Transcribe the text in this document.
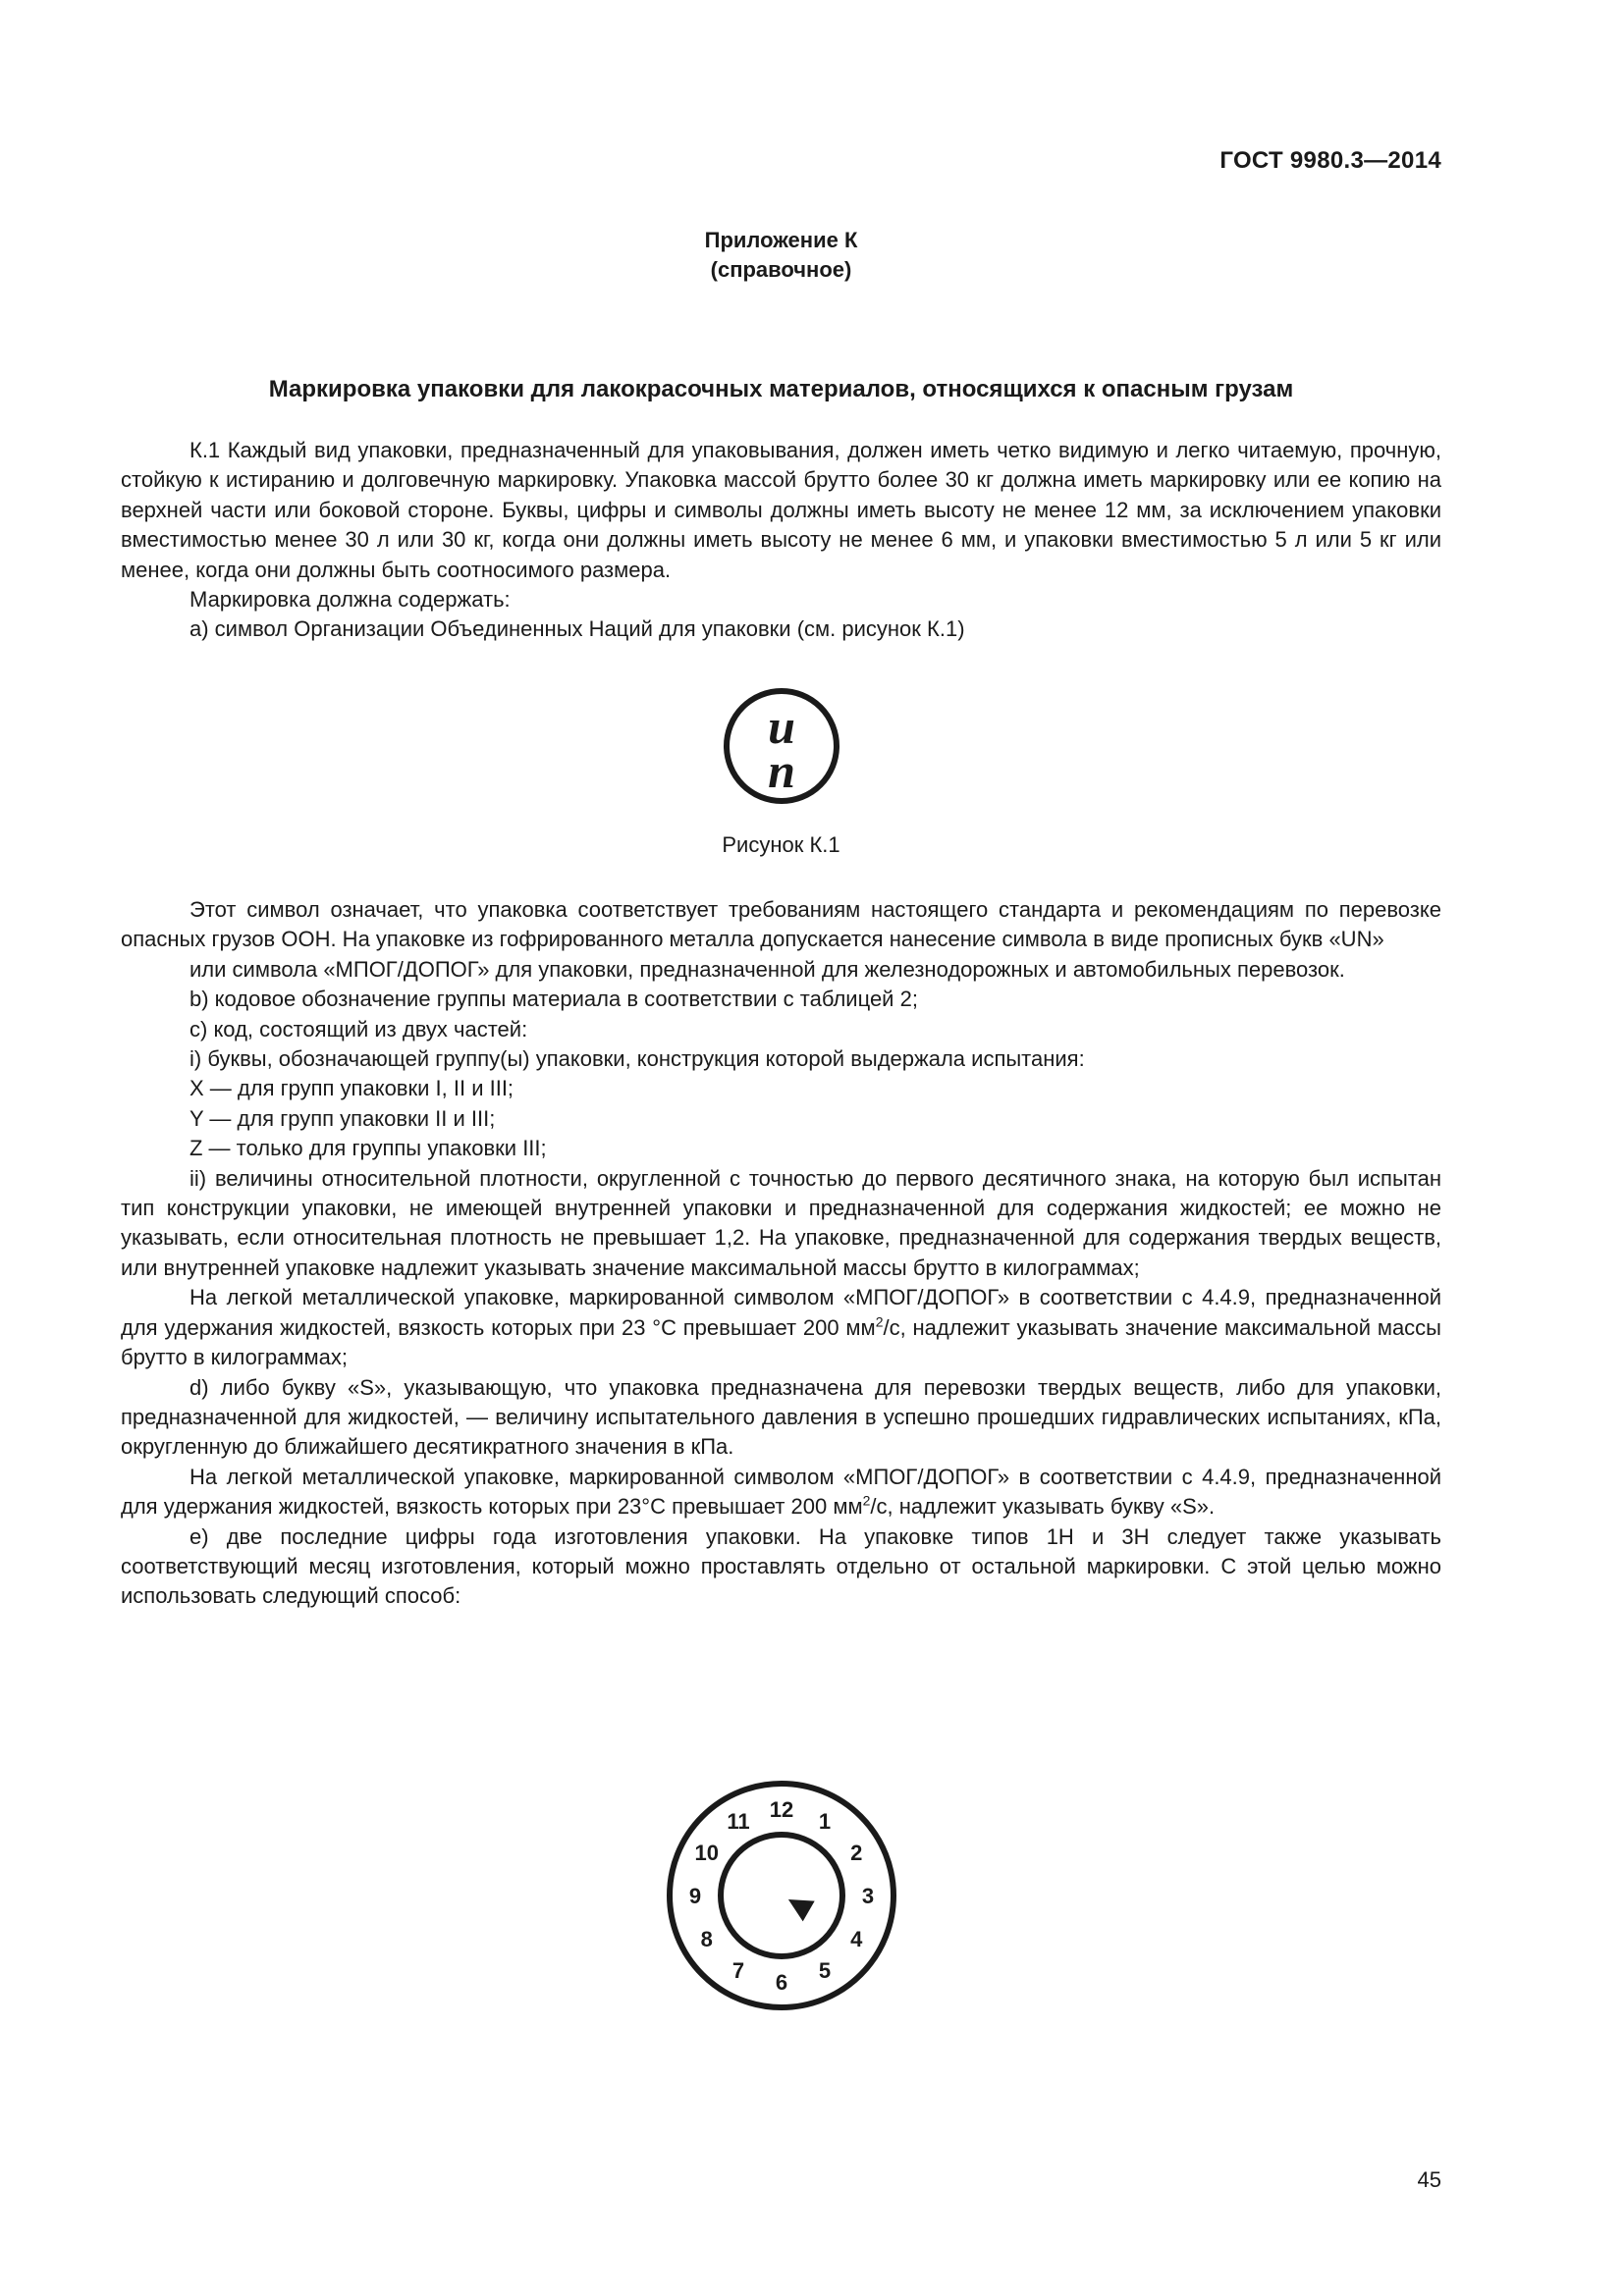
ГОСТ 9980.3—2014
Приложение К
(справочное)
Маркировка упаковки для лакокрасочных материалов, относящихся к опасным грузам

К.1 Каждый вид упаковки, предназначенный для упаковывания, должен иметь четко видимую и легко читаемую, прочную, стойкую к истиранию и долговечную маркировку. Упаковка массой брутто более 30 кг должна иметь маркировку или ее копию на верхней части или боковой стороне. Буквы, цифры и символы должны иметь высоту не менее 12 мм, за исключением упаковки вместимостью менее 30 л или 30 кг, когда они должны иметь высоту не менее 6 мм, и упаковки вместимостью 5 л или 5 кг или менее, когда они должны быть соотносимого размера.

Маркировка должна содержать:

a) символ Организации Объединенных Наций для упаковки (см. рисунок К.1)

u
n
Рисунок К.1

Этот символ означает, что упаковка соответствует требованиям настоящего стандарта и рекомендациям по перевозке опасных грузов ООН. На упаковке из гофрированного металла допускается нанесение символа в виде прописных букв «UN»

или символа «МПОГ/ДОПОГ» для упаковки, предназначенной для железнодорожных и автомобильных перевозок.

b) кодовое обозначение группы материала в соответствии с таблицей 2;

c) код, состоящий из двух частей:

i) буквы, обозначающей группу(ы) упаковки, конструкция которой выдержала испытания:

X — для групп упаковки I, II и III;

Y — для групп упаковки II и III;

Z — только для группы упаковки III;

ii) величины относительной плотности, округленной с точностью до первого десятичного знака, на которую был испытан тип конструкции упаковки, не имеющей внутренней упаковки и предназначенной для содержания жидкостей; ее можно не указывать, если относительная плотность не превышает 1,2. На упаковке, предназначенной для содержания твердых веществ, или внутренней упаковке надлежит указывать значение максимальной массы брутто в килограммах;

На легкой металлической упаковке, маркированной символом «МПОГ/ДОПОГ» в соответствии с 4.4.9, предназначенной для удержания жидкостей, вязкость которых при 23 °C превышает 200 $мм^2/с$, надлежит указывать значение максимальной массы брутто в килограммах;

d) либо букву «S», указывающую, что упаковка предназначена для перевозки твердых веществ, либо для упаковки, предназначенной для жидкостей, — величину испытательного давления в успешно прошедших гидравлических испытаниях, кПа, округленную до ближайшего десятикратного значения в кПа.

На легкой металлической упаковке, маркированной символом «МПОГ/ДОПОГ» в соответствии с 4.4.9, предназначенной для удержания жидкостей, вязкость которых при 23°С превышает 200 $мм^2/с$, надлежит указывать букву «S».

e) две последние цифры года изготовления упаковки. На упаковке типов 1Н и 3Н следует также указывать соответствующий месяц изготовления, который можно проставлять отдельно от остальной маркировки. С этой целью можно использовать следующий способ:

12 1
2
3
4
5
6
7
8
9
10
11
45
